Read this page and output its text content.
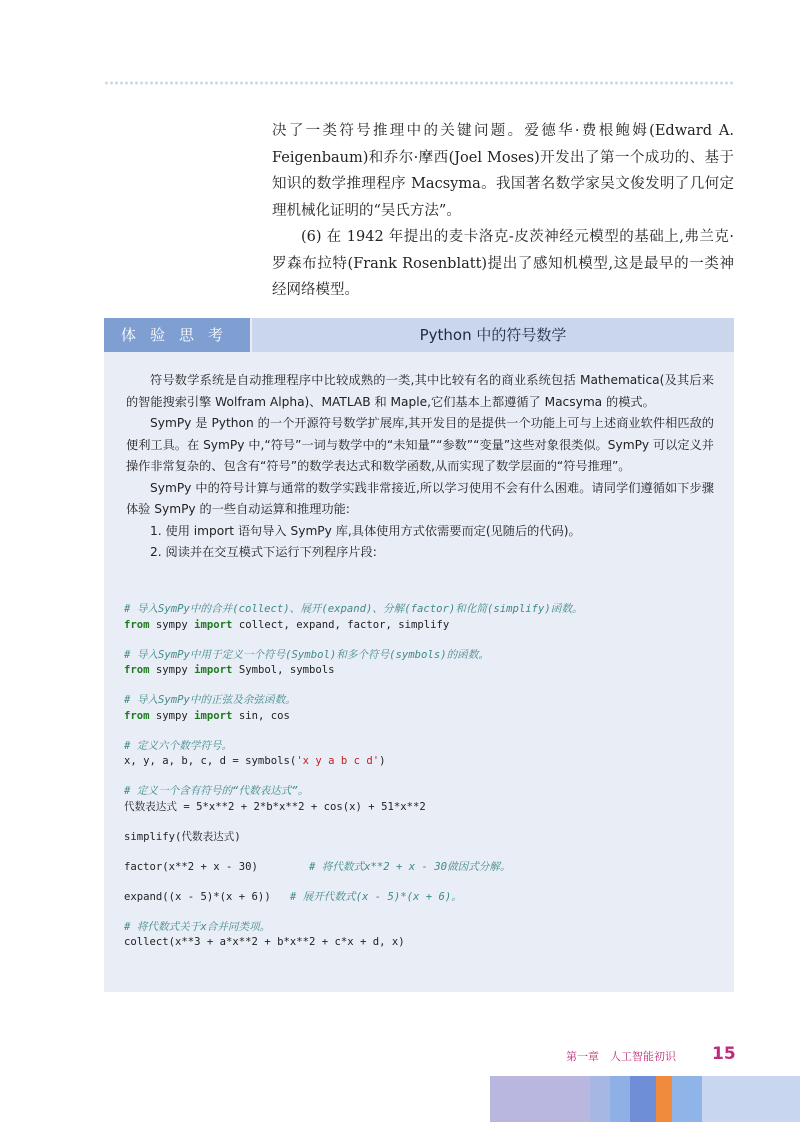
决了一类符号推理中的关键问题。爱德华·费根鲍姆(Edward A. Feigenbaum)和乔尔·摩西(Joel Moses)开发出了第一个成功的、基于知识的数学推理程序 Macsyma。我国著名数学家吴文俊发明了几何定理机械化证明的“吴氏方法”。

(6) 在 1942 年提出的麦卡洛克-皮茨神经元模型的基础上,弗兰克·罗森布拉特(Frank Rosenblatt)提出了感知机模型,这是最早的一类神经网络模型。

体验思考	Python 中的符号数学

符号数学系统是自动推理程序中比较成熟的一类,其中比较有名的商业系统包括 Mathematica(及其后来的智能搜索引擎 Wolfram Alpha)、MATLAB 和 Maple,它们基本上都遵循了 Macsyma 的模式。

SymPy 是 Python 的一个开源符号数学扩展库,其开发目的是提供一个功能上可与上述商业软件相匹敌的便利工具。在 SymPy 中,“符号”一词与数学中的“未知量”“参数”“变量”这些对象很类似。SymPy 可以定义并操作非常复杂的、包含有“符号”的数学表达式和数学函数,从而实现了数学层面的“符号推理”。

SymPy 中的符号计算与通常的数学实践非常接近,所以学习使用不会有什么困难。请同学们遵循如下步骤体验 SymPy 的一些自动运算和推理功能:

1. 使用 import 语句导入 SymPy 库,具体使用方式依需要而定(见随后的代码)。

2. 阅读并在交互模式下运行下列程序片段:

# 导入SymPy中的合并(collect)、展开(expand)、分解(factor)和化简(simplify)函数。
from sympy import collect, expand, factor, simplify
# 导入SymPy中用于定义一个符号(Symbol)和多个符号(symbols)的函数。
from sympy import Symbol, symbols
# 导入SymPy中的正弦及余弦函数。
from sympy import sin, cos
# 定义六个数学符号。
x, y, a, b, c, d = symbols('x y a b c d')
# 定义一个含有符号的“代数表达式”。
代数表达式 = 5*x**2 + 2*b*x**2 + cos(x) + 51*x**2
simplify(代数表达式)
factor(x**2 + x - 30)	# 将代数式x**2 + x - 30做因式分解。
expand((x - 5)*(x + 6)) # 展开代数式(x - 5)*(x + 6)。
# 将代数式关于x合并同类项。
collect(x**3 + a*x**2 + b*x**2 + c*x + d, x)
第一章　人工智能初识 15
